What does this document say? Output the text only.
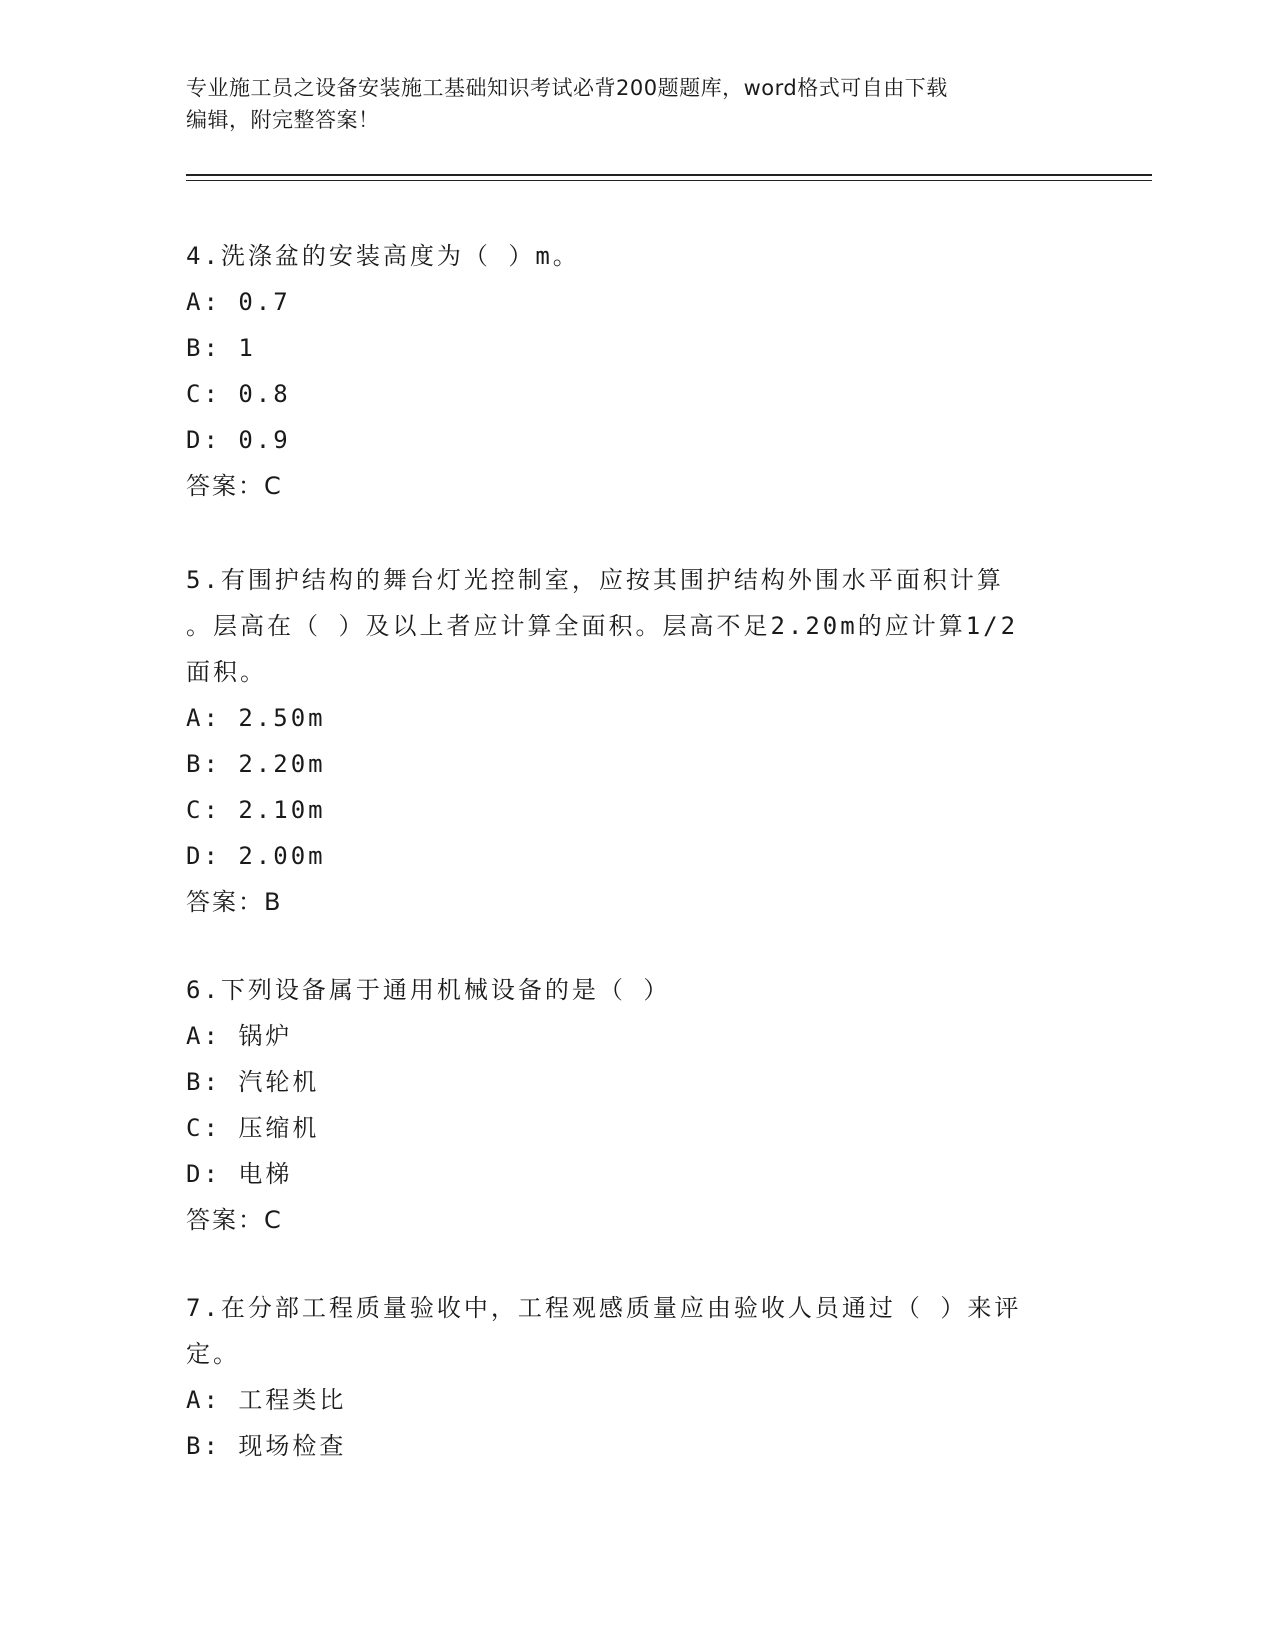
专业施工员之设备安装施工基础知识考试必背200题题库，word格式可自由下载
编辑，附完整答案！
4.洗涤盆的安装高度为（ ）m。
A: 0.7
B: 1
C: 0.8
D: 0.9
答案：C
5.有围护结构的舞台灯光控制室，应按其围护结构外围水平面积计算
。层高在（ ）及以上者应计算全面积。层高不足2.20m的应计算1/2
面积。
A: 2.50m
B: 2.20m
C: 2.10m
D: 2.00m
答案：B
6.下列设备属于通用机械设备的是（ ）
A: 锅炉
B: 汽轮机
C: 压缩机
D: 电梯
答案：C
7.在分部工程质量验收中，工程观感质量应由验收人员通过（ ）来评
定。
A: 工程类比
B: 现场检查
